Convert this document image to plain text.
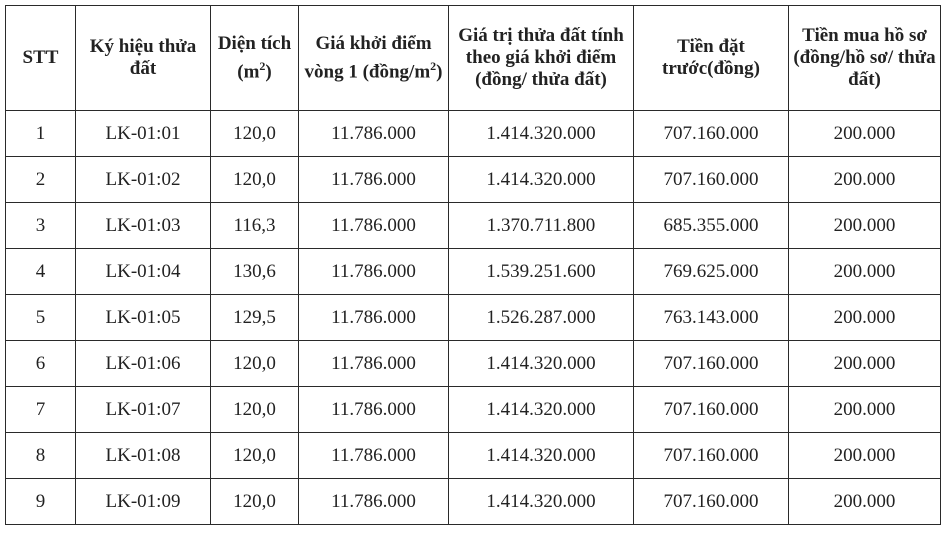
STT	Ký hiệu thửa đất	Diện tích $(m^2)$	Giá khởi điểm vòng 1 $(đồng/m^2)$	Giá trị thửa đất tính theo giá khởi điểm (đồng/ thửa đất)	Tiền đặt trước(đồng)	Tiền mua hồ sơ (đồng/hồ sơ/ thửa đất)
1	LK-01:01	120,0	11.786.000	1.414.320.000	707.160.000	200.000
2	LK-01:02	120,0	11.786.000	1.414.320.000	707.160.000	200.000
3	LK-01:03	116,3	11.786.000	1.370.711.800	685.355.000	200.000
4	LK-01:04	130,6	11.786.000	1.539.251.600	769.625.000	200.000
5	LK-01:05	129,5	11.786.000	1.526.287.000	763.143.000	200.000
6	LK-01:06	120,0	11.786.000	1.414.320.000	707.160.000	200.000
7	LK-01:07	120,0	11.786.000	1.414.320.000	707.160.000	200.000
8	LK-01:08	120,0	11.786.000	1.414.320.000	707.160.000	200.000
9	LK-01:09	120,0	11.786.000	1.414.320.000	707.160.000	200.000
